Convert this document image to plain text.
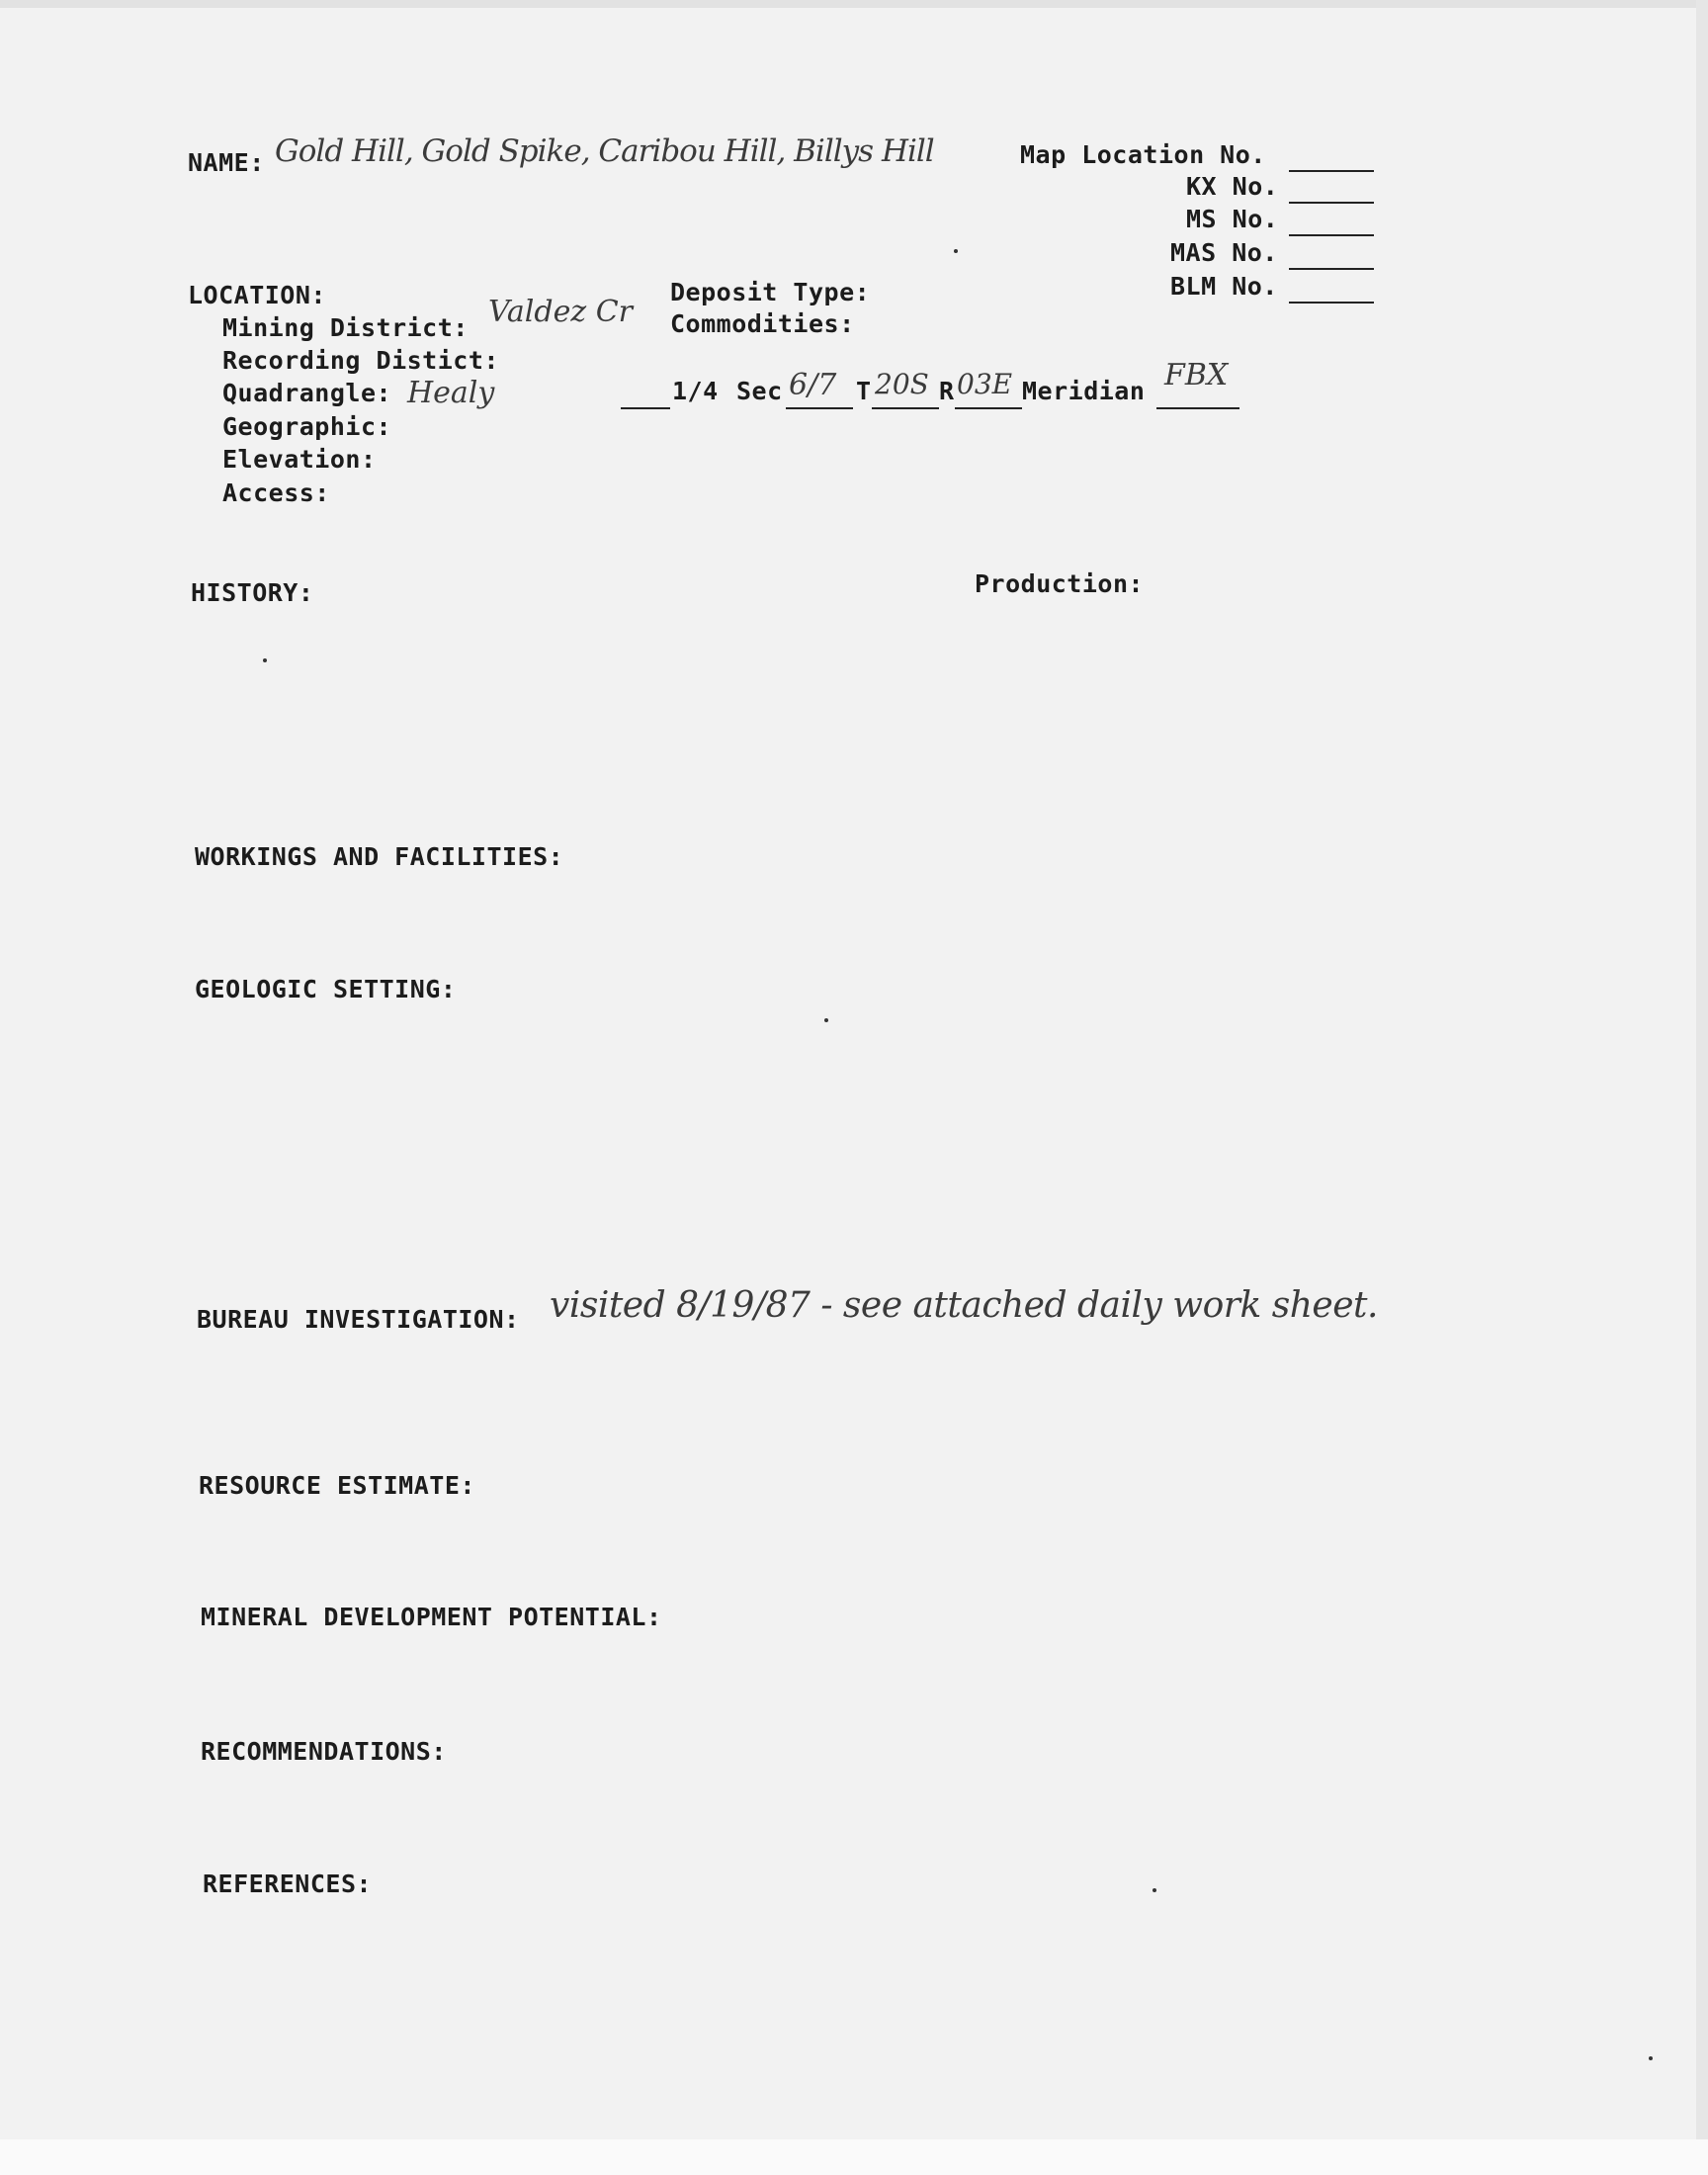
NAME: Gold Hill, Gold Spike, Caribou Hill, Billys Hill	Map Location No.
KX No.
MS No.
MAS No.
BLM No.
LOCATION:
Mining District: Valdez Cr
Recording Distict:
Quadrangle: Healy
Geographic:
Elevation:
Access:
Deposit Type:
Commodities:
1/4 Sec 6/7 T 20S R 03E Meridian FBX
HISTORY:	Production:
WORKINGS AND FACILITIES:
GEOLOGIC SETTING:
BUREAU INVESTIGATION: visited 8/19/87 - see attached daily work sheet.
RESOURCE ESTIMATE:
MINERAL DEVELOPMENT POTENTIAL:
RECOMMENDATIONS:
REFERENCES:
